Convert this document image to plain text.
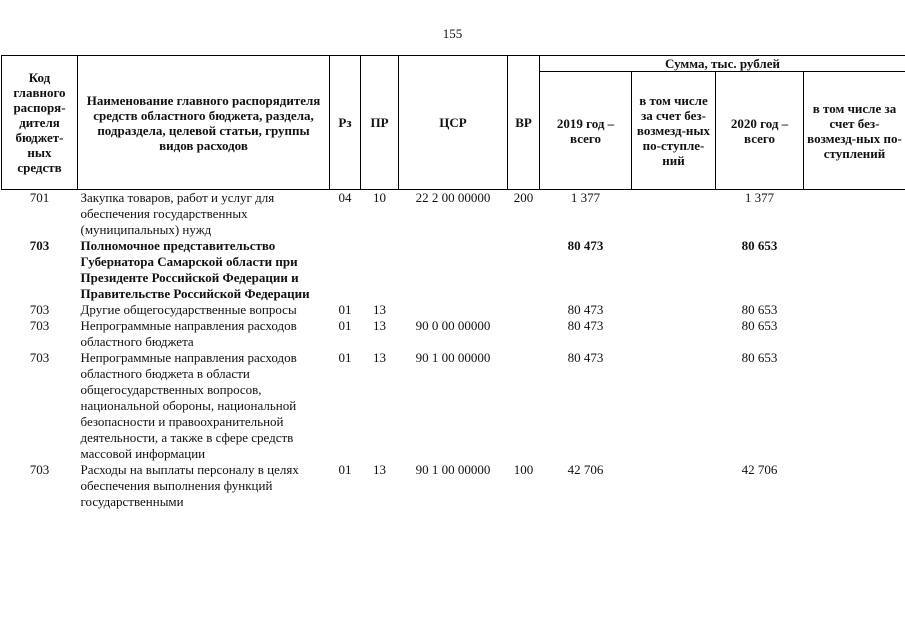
155
Код главного распоря-дителя бюджет-ных средств	Наименование главного распорядителя средств областного бюджета, раздела, подраздела, целевой статьи, группы видов расходов	Рз	ПР	ЦСР	ВР	Сумма, тыс. рублей			
						2019 год – всего	в том числе за счет без-возмезд-ных по-ступле-ний	2020 год – всего	в том числе за счет без-возмезд-ных по-ступлений
701	Закупка товаров, работ и услуг для обеспечения государственных (муниципальных) нужд	04	10	22 2 00 00000	200	1 377		1 377	
703	Полномочное представительство Губернатора Самарской области при Президенте Российской Федерации и Правительстве Российской Федерации					80 473		80 653	
703	Другие общегосударственные вопросы	01	13			80 473		80 653	
703	Непрограммные направления расходов областного бюджета	01	13	90 0 00 00000		80 473		80 653	
703	Непрограммные направления расходов областного бюджета в области общегосударственных вопросов, национальной обороны, национальной безопасности и правоохранительной деятельности, а также в сфере средств массовой информации	01	13	90 1 00 00000		80 473		80 653	
703	Расходы на выплаты персоналу в целях обеспечения выполнения функций государственными	01	13	90 1 00 00000	100	42 706		42 706	
